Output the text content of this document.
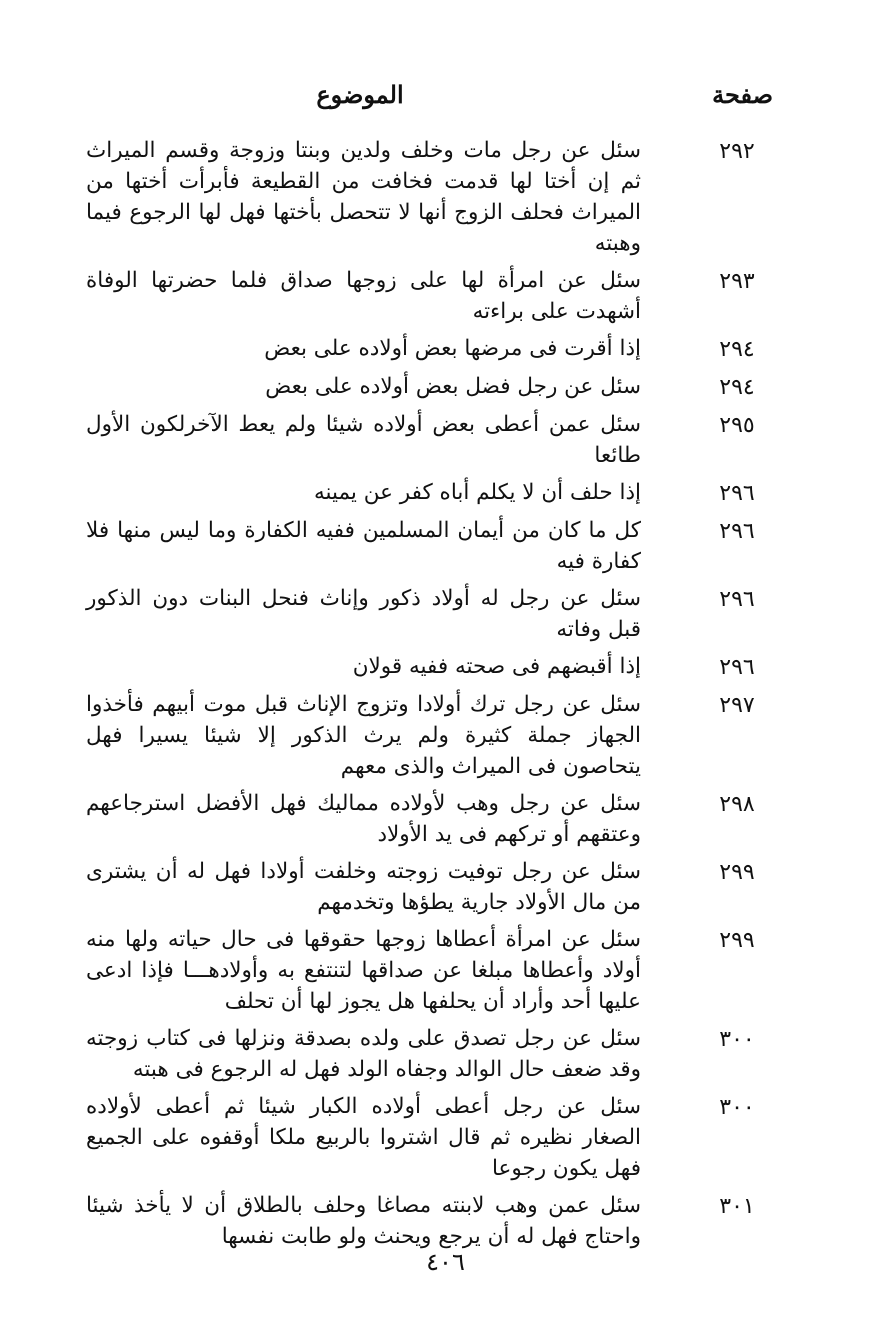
صفحة
الموضوع
٢٩٢
سئل عن رجل مات وخلف ولدين وبنتا وزوجة وقسم الميراث ثم إن أختا لها قدمت فخافت من القطيعة فأبرأت أختها من الميراث فحلف الزوج أنها لا تتحصل بأختها فهل لها الرجوع فيما وهبته
٢٩٣
سئل عن امرأة لها على زوجها صداق فلما حضرتها الوفاة أشهدت على براءته
٢٩٤
إذا أقرت فى مرضها بعض أولاده على بعض
٢٩٤
سئل عن رجل فضل بعض أولاده على بعض
٢٩٥
سئل عمن أعطى بعض أولاده شيئا ولم يعط الآخرلكون الأول طائعا
٢٩٦
إذا حلف أن لا يكلم أباه كفر عن يمينه
٢٩٦
كل ما كان من أيمان المسلمين ففيه الكفارة وما ليس منها فلا كفارة فيه
٢٩٦
سئل عن رجل له أولاد ذكور وإناث فنحل البنات دون الذكور قبل وفاته
٢٩٦
إذا أقبضهم فى صحته ففيه قولان
٢٩٧
سئل عن رجل ترك أولادا وتزوج الإناث قبل موت أبيهم فأخذوا الجهاز جملة كثيرة ولم يرث الذكور إلا شيئا يسيرا فهل يتحاصون فى الميراث والذى معهم
٢٩٨
سئل عن رجل وهب لأولاده مماليك فهل الأفضل استرجاعهم وعتقهم أو تركهم فى يد الأولاد
٢٩٩
سئل عن رجل توفيت زوجته وخلفت أولادا فهل له أن يشترى من مال الأولاد جارية يطؤها وتخدمهم
٢٩٩
سئل عن امرأة أعطاها زوجها حقوقها فى حال حياته ولها منه أولاد وأعطاها مبلغا عن صداقها لتنتفع به وأولادهـــا فإذا ادعى عليها أحد وأراد أن يحلفها هل يجوز لها أن تحلف
٣٠٠
سئل عن رجل تصدق على ولده بصدقة ونزلها فى كتاب زوجته وقد ضعف حال الوالد وجفاه الولد فهل له الرجوع فى هبته
٣٠٠
سئل عن رجل أعطى أولاده الكبار شيئا ثم أعطى لأولاده الصغار نظيره ثم قال اشتروا بالربيع ملكا أوقفوه على الجميع فهل يكون رجوعا
٣٠١
سئل عمن وهب لابنته مصاغا وحلف بالطلاق أن لا يأخذ شيئا واحتاج فهل له أن يرجع ويحنث ولو طابت نفسها
٤٠٦
